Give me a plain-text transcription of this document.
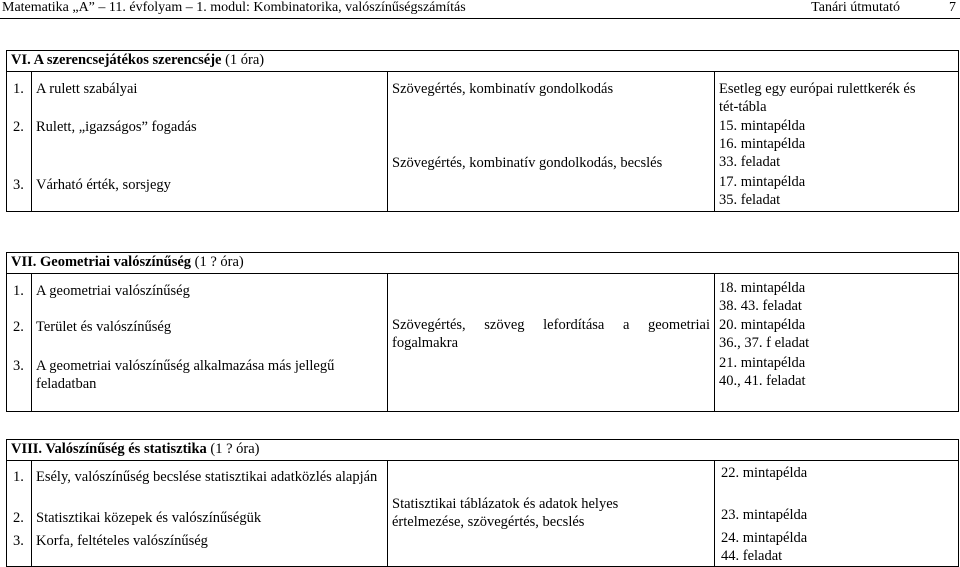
Matematika „A” – 11. évfolyam – 1. modul: Kombinatorika, valószínűségszámítás	Tanári útmutató	7
VI. A szerencsejátékos szerencséje (1 óra)
1. A rulett szabályai
2. Rulett, „igazságos” fogadás
3. Várható érték, sorsjegy
Szövegértés, kombinatív gondolkodás
Szövegértés, kombinatív gondolkodás, becslés
Esetleg egy európai rulettkerék és
tét-tábla
15. mintapélda
16. mintapélda
33. feladat
17. mintapélda
35. feladat
VII. Geometriai valószínűség (1 ? óra)
1. A geometriai valószínűség
2. Terület és valószínűség
3. A geometriai valószínűség alkalmazása más jellegű feladatban
Szövegértés, szöveg lefordítása a geometriai fogalmakra
18. mintapélda
38. 43. feladat
20. mintapélda
36., 37. f eladat
21. mintapélda
40., 41. feladat
VIII. Valószínűség és statisztika (1 ? óra)
1. Esély, valószínűség becslése statisztikai adatközlés alapján
2. Statisztikai közepek és valószínűségük
3. Korfa, feltételes valószínűség
Statisztikai táblázatok és adatok helyes értelmezése, szövegértés, becslés
22. mintapélda
23. mintapélda
24. mintapélda
44. feladat
